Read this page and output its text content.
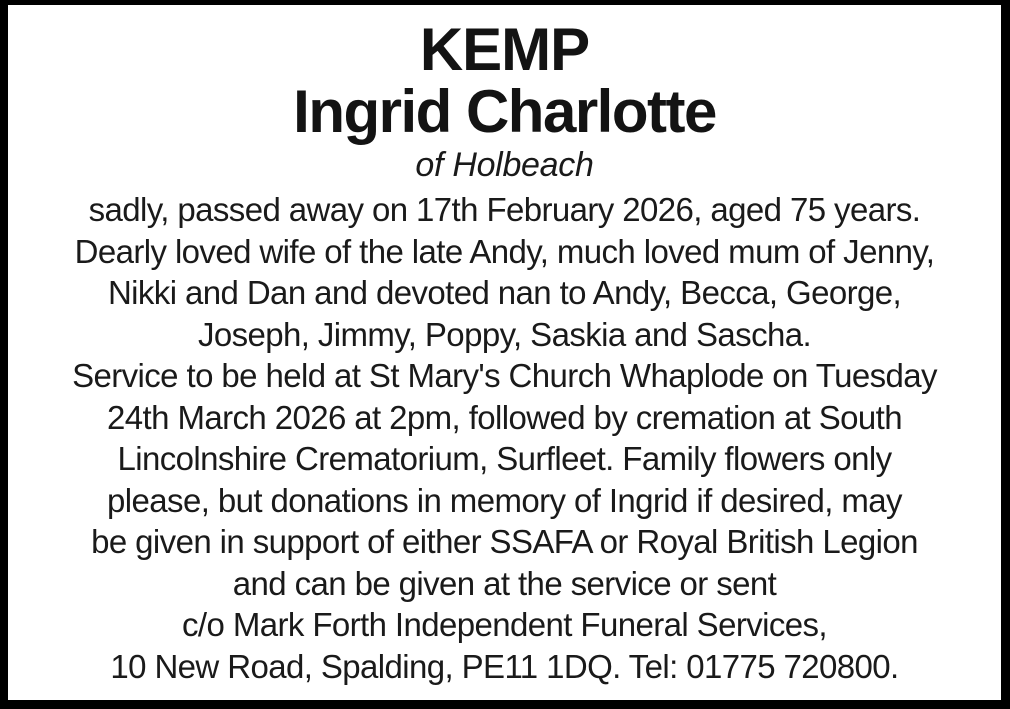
KEMP
Ingrid Charlotte
of Holbeach
sadly, passed away on 17th February 2026, aged 75 years.
Dearly loved wife of the late Andy, much loved mum of Jenny,
Nikki and Dan and devoted nan to Andy, Becca, George,
Joseph, Jimmy, Poppy, Saskia and Sascha.
Service to be held at St Mary's Church Whaplode on Tuesday
24th March 2026 at 2pm, followed by cremation at South
Lincolnshire Crematorium, Surfleet. Family flowers only
please, but donations in memory of Ingrid if desired, may
be given in support of either SSAFA or Royal British Legion
and can be given at the service or sent
c/o Mark Forth Independent Funeral Services,
10 New Road, Spalding, PE11 1DQ. Tel: 01775 720800.
